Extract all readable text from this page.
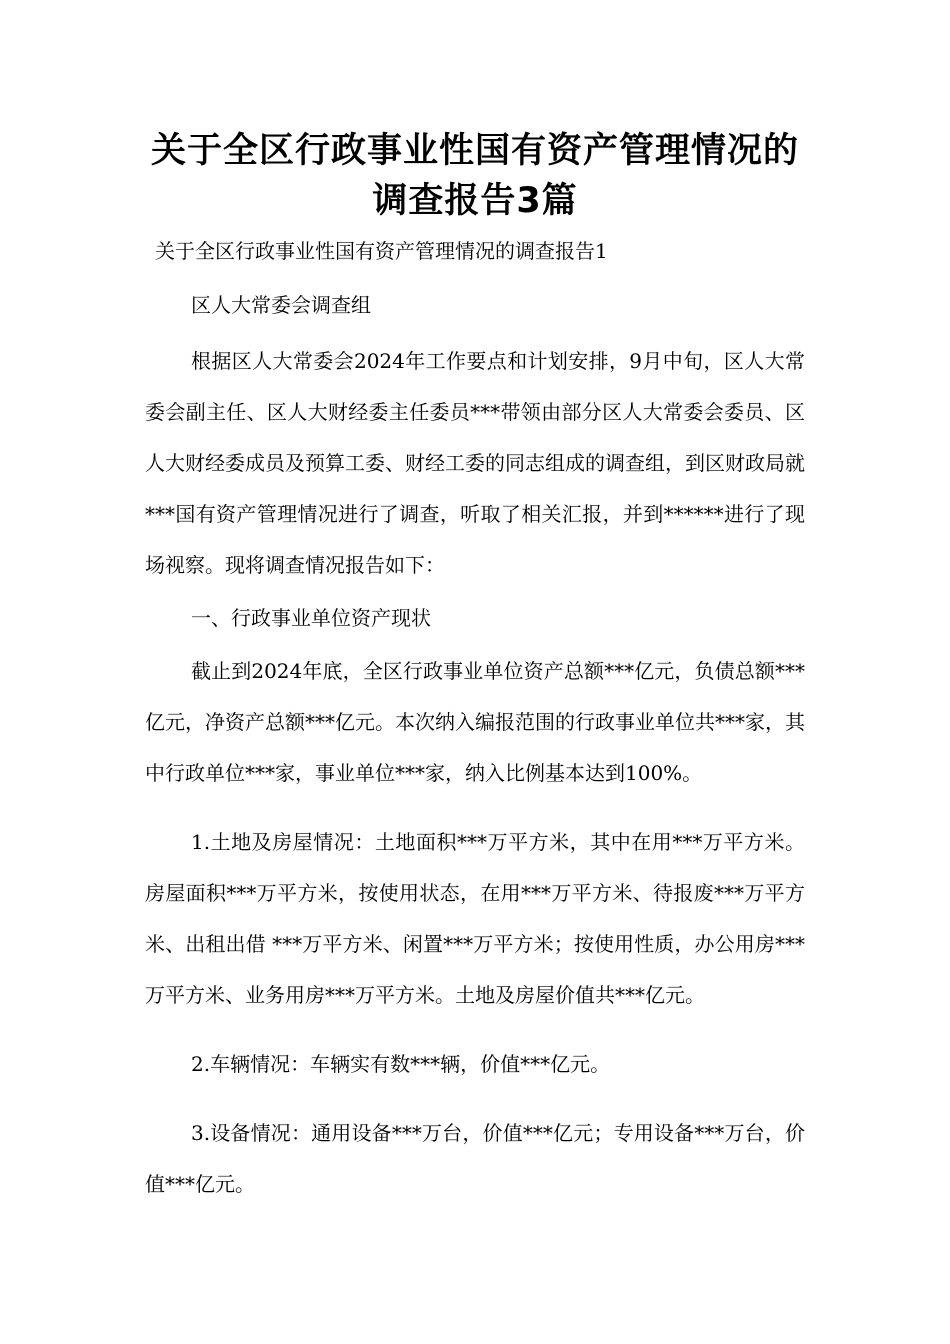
关于全区行政事业性国有资产管理情况的调查报告3篇
关于全区行政事业性国有资产管理情况的调查报告1
区人大常委会调查组

根据区人大常委会2024年工作要点和计划安排，9月中旬，区人大常委会副主任、区人大财经委主任委员***带领由部分区人大常委会委员、区人大财经委成员及预算工委、财经工委的同志组成的调查组，到区财政局就***国有资产管理情况进行了调查，听取了相关汇报，并到******进行了现场视察。现将调查情况报告如下：

一、行政事业单位资产现状

截止到2024年底，全区行政事业单位资产总额***亿元，负债总额***亿元，净资产总额***亿元。本次纳入编报范围的行政事业单位共***家，其中行政单位***家，事业单位***家，纳入比例基本达到100%。

1.土地及房屋情况：土地面积***万平方米，其中在用***万平方米。房屋面积***万平方米，按使用状态，在用***万平方米、待报废***万平方米、出租出借 ***万平方米、闲置***万平方米；按使用性质，办公用房***万平方米、业务用房***万平方米。土地及房屋价值共***亿元。

2.车辆情况：车辆实有数***辆，价值***亿元。

3.设备情况：通用设备***万台，价值***亿元；专用设备***万台，价值***亿元。
